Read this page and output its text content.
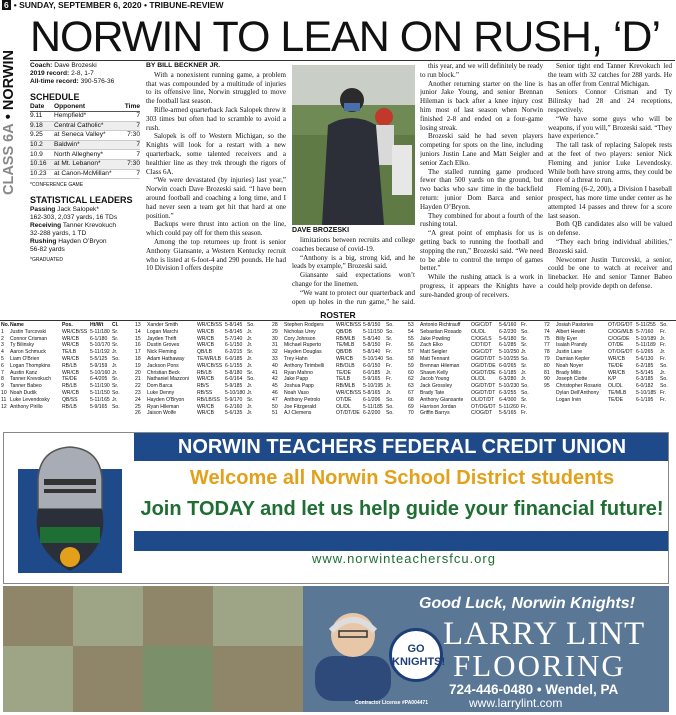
6 • SUNDAY, SEPTEMBER 6, 2020 • TRIBUNE-REVIEW
CLASS 6A • NORWIN
NORWIN TO LEAN ON RUSH, ‘D’
Coach: Dave Brozeski
2019 record: 2-8, 1-7
All-time record: 390-576-36
SCHEDULE
Date	Opponent	Time
9.11	Hempfield*	7
9.18	Central Catholic*	7
9.25	at Seneca Valley*	7:30
10.2	Baldwin*	7
10.9	North Allegheny*	7
10.16	at Mt. Lebanon*	7:30
10.23	at Canon-McMillan*	7
*CONFERENCE GAME
STATISTICAL LEADERS
Passing Jack Salopek*
162-303, 2,037 yards, 16 TDs
Receiving Tanner Krevokuch
32-288 yards, 1 TD
Rushing Hayden O’Bryon
56-82 yards
*GRADUATED

BY BILL BECKNER JR.

With a nonexistent running game, a problem that was compounded by a multitude of injuries to its offensive line, Norwin struggled to move the football last season.

Rifle-armed quarterback Jack Salopek threw it 303 times but often had to scramble to avoid a rush.

Salopek is off to Western Michigan, so the Knights will look for a restart with a new quarterback, some talented receivers and a healthier line as they trek through the rigors of Class 6A.

“We were devastated (by injuries) last year,” Norwin coach Dave Brozeski said. “I have been around football and coaching a long time, and I had never seen a team get hit that hard at one position.”

Backups were thrust into action on the line, which could pay off for them this season.

Among the top returnees up front is senior Anthony Giansante, a Western Kentucky recruit who is listed at 6-foot-4 and 290 pounds. He had 10 Division I offers despite

DAVE BROZESKI

limitations between recruits and college coaches because of covid-19.

“Anthony is a big, strong kid, and he leads by example,” Brozeski said.

Giansante said expectations won’t change for the linemen.

“We want to protect our quarterback and open up holes in the run game,” he said.

this year, and we will definitely be ready to run block.”

Another returning starter on the line is junior Jake Young, and senior Brennan Hileman is back after a knee injury cost him most of last season when Norwin finished 2-8 and ended on a four-game losing streak.

Brozeski said he had seven players competing for spots on the line, including juniors Justin Lane and Matt Seigler and senior Zach Elko.

The stalled running game produced fewer than 500 yards on the ground, but two backs who saw time in the backfield return: junior Dom Barca and senior Hayden O’Bryon.

They combined for about a fourth of the rushing total.

“A great point of emphasis for us is getting back to running the football and stopping the run,” Brozeski said. “We need to be able to control the tempo of games better.”

While the rushing attack is a work in progress, it appears the Knights have a sure-handed group of receivers.

Senior tight end Tanner Krevokuch led the team with 32 catches for 288 yards. He has an offer from Central Michigan.

Seniors Connor Crisman and Ty Bilinsky had 28 and 24 receptions, respectively.

“We have some guys who will be weapons, if you will,” Brozeski said. “They have experience.”

The tall task of replacing Salopek rests at the feet of two players: senior Nick Fleming and junior Luke Levendosky. While both have strong arms, they could be more of a threat to run.

Fleming (6-2, 200), a Division I baseball prospect, has more time under center as he attempted 14 passes and threw for a score last season.

Both QB candidates also will be valued on defense.

“They each bring individual abilities,” Brozeski said.

Newcomer Justin Turcovski, a senior, could be one to watch at receiver and linebacker. He and senior Tanner Babeo could help provide depth on defense.

ROSTER
No. Name	Pos.	Ht/Wt	Cl.
1	Justin Turcovski	WR/CB/SS 5-11/180 Sr.
2	Connor Crisman	WR/CB	6-1/180 Sr.
3	Ty Bilinsky	WR/CB	5-10/170 Sr.
4	Aaron Schmuck	TE/LB	5-11/192 Jr.
5	Liam O'Brien	WR/CB	5-5/125 So.
6	Logan Thompkins	RB/LB	5-9/159 Jr.
7	Austin Kanz	WR/CB	5-10/160 Jr.
8	Tanner Krevokuch	TE/DE	6-4/205 Sr.
9	Tanner Babeo	RB/LB	5-11/190 Sr.
10 Noah Dudik	WR/CB	5-11/150 So.
11 Luke Levendosky	QB/SS	5-11/165 Jr.
12 Anthony Pirillo	RB/LB	5-9/165 So.
13	Xander Smith	WR/CB/SS 5-8/145 So.
14	Logan Marchi	WR/CB	5-8/145 Jr.
15	Jayden Thrift	WR/CB	5-7/140 Jr.
16	Dustin Groves	WR/CB	6-1/150 Jr.
17	Nick Fleming	QB/LB	6-2/215 Sr.
18	Adam Hathaway	TE/WR/LB 6-0/185 Jr.
19	Jackson Pons	WR/CB/SS 6-1/155 Jr.
20	Christian Beck	RB/LB	5-8/180 Sr.
21	Nathaniel Mazzoni	WR/CB	6-0/164 So.
22	Dom Barca	RB/S	5-9/185 Jr.
23	Luke Denny	RB/SS	5-10/180 Jr.
24	Hayden O'Bryon	RB/LB/SS 5-9/170 Sr.
25	Ryan Hileman	WR/CB	6-2/160 Jr.
26	Jaison Wolfe	WR/CB	5-6/135 Jr.
28	Stephen Rodgers	WR/CB/SS 5-8/150	So.
29	Nicholas Urey	QB/DB	5-11/150 So.
30	Cory Johnson	RB/MLB	5-8/140	Sr.
31	Michael Ruperto	TE/MLB	5-8/150	Fr.
32	Hayden Douglas	QB/DB	5-8/140	Fr.
33	Trey Hahn	WR/CB	5-10/140 So.
40	Anthony Tirimbelli	RB/OLB	6-0/150	Fr.
41	Ryan Mahno	TE/DE	6-0/185	Jr.
42	Jake Papp	TE/LB	5-9/165	Fr.
45	Joshua Papp	RB/MLB	5-10/195 Jr.
46	Noah Vaso	WR/CB/SS 5-8/165	Jr.
47	Anthony Petrolo	OT/DE	6-1/206	So.
50	Joe Fitzgerald	OL/DL	5-11/185 So.
51	AJ Clemens	OT/DT/DE 6-2/200	So.
53	Antonio Richtrauff	OG/C/DT	5-6/160 Fr.
54	Sebastian Rosado	OL/DL	6-2/230 So.
55	Jake Powling	C/OG/LS	5-6/180 Sr.
56	Zach Elko	C/DT/DT	6-1/285 Sr.
57	Matt Seigler	OG/C/DT	5-10/250 Jr.
58	Matt Tennant	OG/DT/DT 5-10/255 So.
59	Brennan Hileman	OG/DT/DE 6-0/265 Sr.
60	Shawn Kelly	OG/DT/DE 6-1/185 Jr.
62	Jacob Young	OL/DL	6-3/280 Jr.
63	Jack Grossley	OG/DT/DT 5-10/230 So.
67	Brady Tate	OG/DT/DT 6-3/255 So.
68	Anthony Giansante	OL/DT/DT 6-4/300 Sr.
69	Harrison Jordan	OT/OG/DT 5-11/260 Fr.
70	Griffin Barrys	C/OG/DT	5-5/165 Fr.
72	Josiah Pastories	OT/OG/DT 5-11/255 So.
74	Albert Hewitt	C/OG/MLB 5-7/160	Fr.
75	Billy Eyer	C/OG/DE	5-10/189 Jr.
77	Isaiah Prandy	OT/DE	5-11/189 Fr.
78	Justin Lane	OT/OG/DT 6-1/265	Jr.
79	Damian Kepler	WR/CB	5-6/130	Fr.
80	Noah Noyer	TE/DE	6-2/185	So.
81	Brady Mills	WR/CB	5-5/145	Jr.
90	Joseph Ciotte	K/P	6-3/185	So.
95	Christopher Rosario	OL/DL	6-0/182	So.
Dylan Dell'Anthony	TE/MLB	5-10/185 Fr.
Logan Irvin	TE/DE	6-1/195	Fr.
NORWIN TEACHERS FEDERAL CREDIT UNION
Welcome all Norwin School District students
Join TODAY and let us help guide your financial future!
www.norwinteachersfcu.org
GO KNIGHTS!
Good Luck, Norwin Knights!
LARRY LINT
FLOORING
724-446-0480 • Wendel, PA
www.larrylint.com
Contractor License #PA004471
